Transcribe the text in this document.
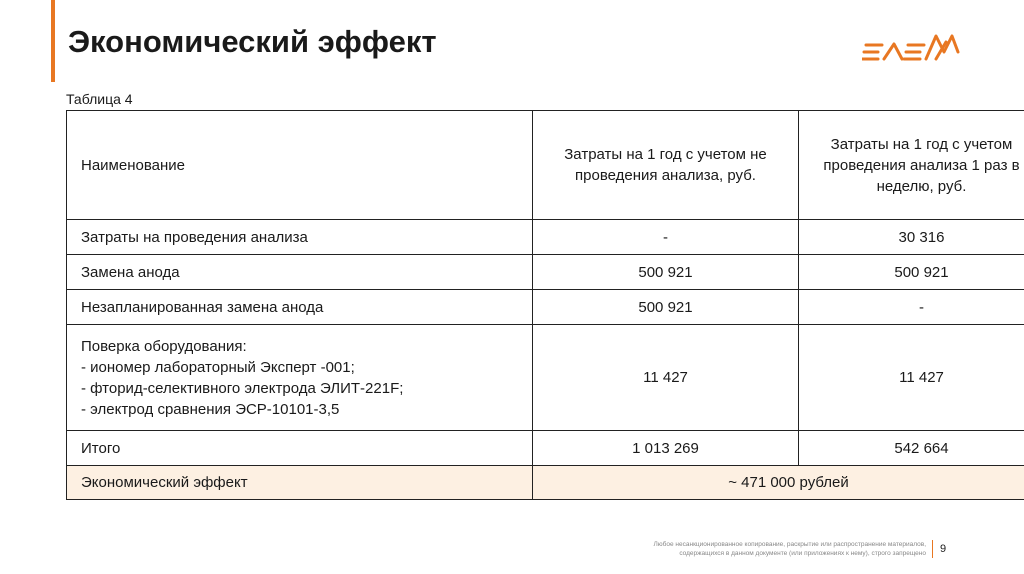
Экономический эффект
Таблица 4
Наименование	Затраты на 1 год с учетом не проведения анализа, руб.	Затраты на 1 год с учетом проведения анализа 1 раз в неделю, руб.
Затраты на проведения анализа	-	30 316
Замена анода	500 921	500 921
Незапланированная замена анода	500 921	-

Поверка оборудования:
- иономер лабораторный Эксперт -001;
- фторид-селективного электрода ЭЛИТ-221F;
- электрод сравнения ЭСР-10101-3,5	11 427	11 427
Итого	1 013 269	542 664
Экономический эффект	~ 471 000 рублей	
Любое несанкционированное копирование, раскрытие или распространение материалов,
содержащихся в данном документе (или приложениях к нему), строго запрещено 9
